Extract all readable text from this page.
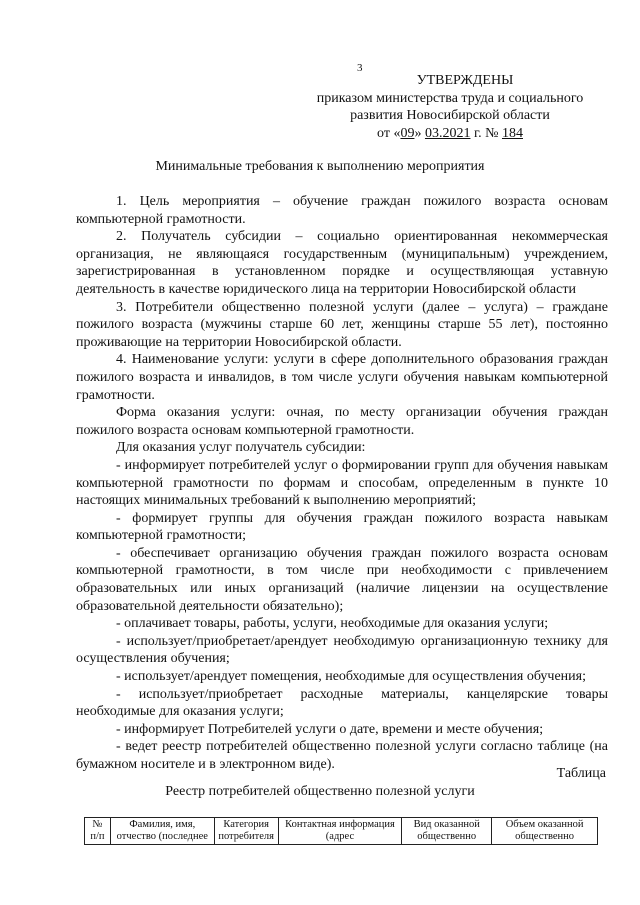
3
УТВЕРЖДЕНЫ
приказом министерства труда и социального
развития Новосибирской области
от «09» 03.2021 г. № 184
Минимальные требования к выполнению мероприятия

1. Цель мероприятия – обучение граждан пожилого возраста основам компьютерной грамотности.

2. Получатель субсидии – социально ориентированная некоммерческая организация, не являющаяся государственным (муниципальным) учреждением, зарегистрированная в установленном порядке и осуществляющая уставную деятельность в качестве юридического лица на территории Новосибирской области

3. Потребители общественно полезной услуги (далее – услуга) – граждане пожилого возраста (мужчины старше 60 лет, женщины старше 55 лет), постоянно проживающие на территории Новосибирской области.

4. Наименование услуги: услуги в сфере дополнительного образования граждан пожилого возраста и инвалидов, в том числе услуги обучения навыкам компьютерной грамотности.

Форма оказания услуги: очная, по месту организации обучения граждан пожилого возраста основам компьютерной грамотности.

Для оказания услуг получатель субсидии:

- информирует потребителей услуг о формировании групп для обучения навыкам компьютерной грамотности по формам и способам, определенным в пункте 10 настоящих минимальных требований к выполнению мероприятий;

- формирует группы для обучения граждан пожилого возраста навыкам компьютерной грамотности;

- обеспечивает организацию обучения граждан пожилого возраста основам компьютерной грамотности, в том числе при необходимости с привлечением образовательных или иных организаций (наличие лицензии на осуществление образовательной деятельности обязательно);

- оплачивает товары, работы, услуги, необходимые для оказания услуги;

- использует/приобретает/арендует необходимую организационную технику для осуществления обучения;

- использует/арендует помещения, необходимые для осуществления обучения;

- использует/приобретает расходные материалы, канцелярские товары необходимые для оказания услуги;

- информирует Потребителей услуги о дате, времени и месте обучения;

- ведет реестр потребителей общественно полезной услуги согласно таблице (на бумажном носителе и в электронном виде).

Таблица
Реестр потребителей общественно полезной услуги
№ п/п	Фамилия, имя, отчество (последнее	Категория потребителя	Контактная информация (адрес	Вид оказанной общественно	Объем оказанной общественно
